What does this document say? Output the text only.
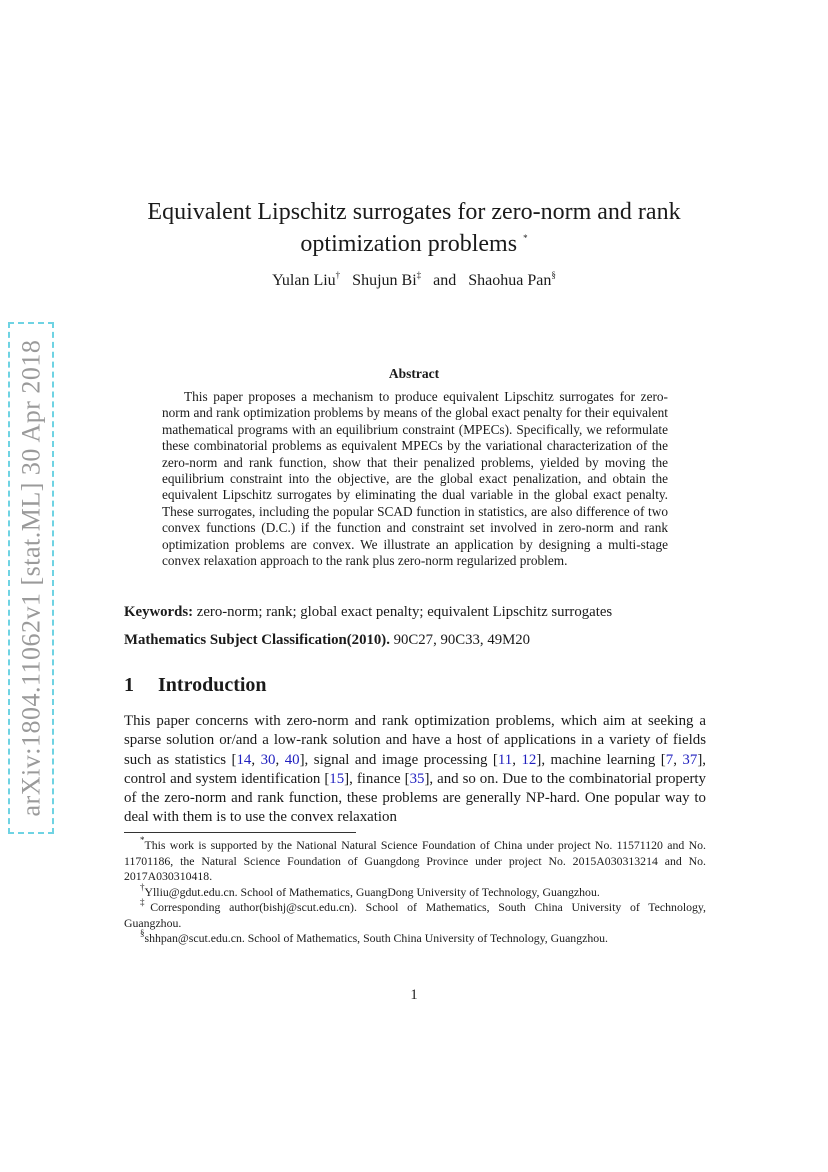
arXiv:1804.11062v1 [stat.ML] 30 Apr 2018
Equivalent Lipschitz surrogates for zero-norm and rank
optimization problems *
Yulan Liu† Shujun Bi‡ and Shaohua Pan§
Abstract

This paper proposes a mechanism to produce equivalent Lipschitz surrogates for zero-norm and rank optimization problems by means of the global exact penalty for their equivalent mathematical programs with an equilibrium constraint (MPECs). Specifically, we reformulate these combinatorial problems as equivalent MPECs by the variational characterization of the zero-norm and rank function, show that their penalized problems, yielded by moving the equilibrium constraint into the objective, are the global exact penalization, and obtain the equivalent Lipschitz surrogates by eliminating the dual variable in the global exact penalty. These surrogates, including the popular SCAD function in statistics, are also difference of two convex functions (D.C.) if the function and constraint set involved in zero-norm and rank optimization problems are convex. We illustrate an application by designing a multi-stage convex relaxation approach to the rank plus zero-norm regularized problem.

Keywords: zero-norm; rank; global exact penalty; equivalent Lipschitz surrogates

Mathematics Subject Classification(2010). 90C27, 90C33, 49M20

1 Introduction

This paper concerns with zero-norm and rank optimization problems, which aim at seeking a sparse solution or/and a low-rank solution and have a host of applications in a variety of fields such as statistics [14, 30, 40], signal and image processing [11, 12], machine learning [7, 37], control and system identification [15], finance [35], and so on. Due to the combinatorial property of the zero-norm and rank function, these problems are generally NP-hard. One popular way to deal with them is to use the convex relaxation

*This work is supported by the National Natural Science Foundation of China under project No. 11571120 and No. 11701186, the Natural Science Foundation of Guangdong Province under project No. 2015A030313214 and No. 2017A030310418.

†Ylliu@gdut.edu.cn. School of Mathematics, GuangDong University of Technology, Guangzhou.

‡Corresponding author(bishj@scut.edu.cn). School of Mathematics, South China University of Technology, Guangzhou.

§shhpan@scut.edu.cn. School of Mathematics, South China University of Technology, Guangzhou.

1
